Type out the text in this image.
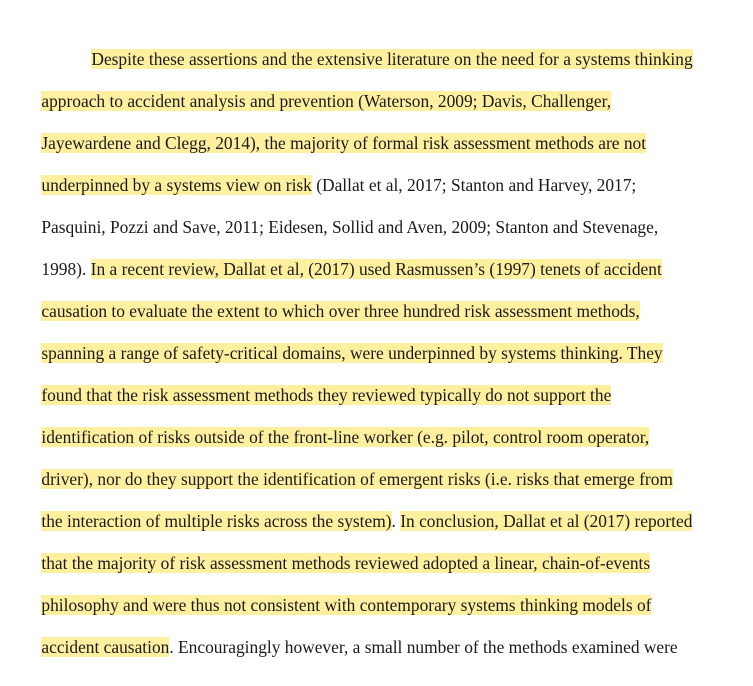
Despite these assertions and the extensive literature on the need for a systems thinking

approach to accident analysis and prevention (Waterson, 2009; Davis, Challenger,

Jayewardene and Clegg, 2014), the majority of formal risk assessment methods are not

underpinned by a systems view on risk (Dallat et al, 2017; Stanton and Harvey, 2017;

Pasquini, Pozzi and Save, 2011; Eidesen, Sollid and Aven, 2009; Stanton and Stevenage,

1998). In a recent review, Dallat et al, (2017) used Rasmussen’s (1997) tenets of accident

causation to evaluate the extent to which over three hundred risk assessment methods,

spanning a range of safety-critical domains, were underpinned by systems thinking. They

found that the risk assessment methods they reviewed typically do not support the

identification of risks outside of the front-line worker (e.g. pilot, control room operator,

driver), nor do they support the identification of emergent risks (i.e. risks that emerge from

the interaction of multiple risks across the system). In conclusion, Dallat et al (2017) reported

that the majority of risk assessment methods reviewed adopted a linear, chain-of-events

philosophy and were thus not consistent with contemporary systems thinking models of

accident causation. Encouragingly however, a small number of the methods examined were
